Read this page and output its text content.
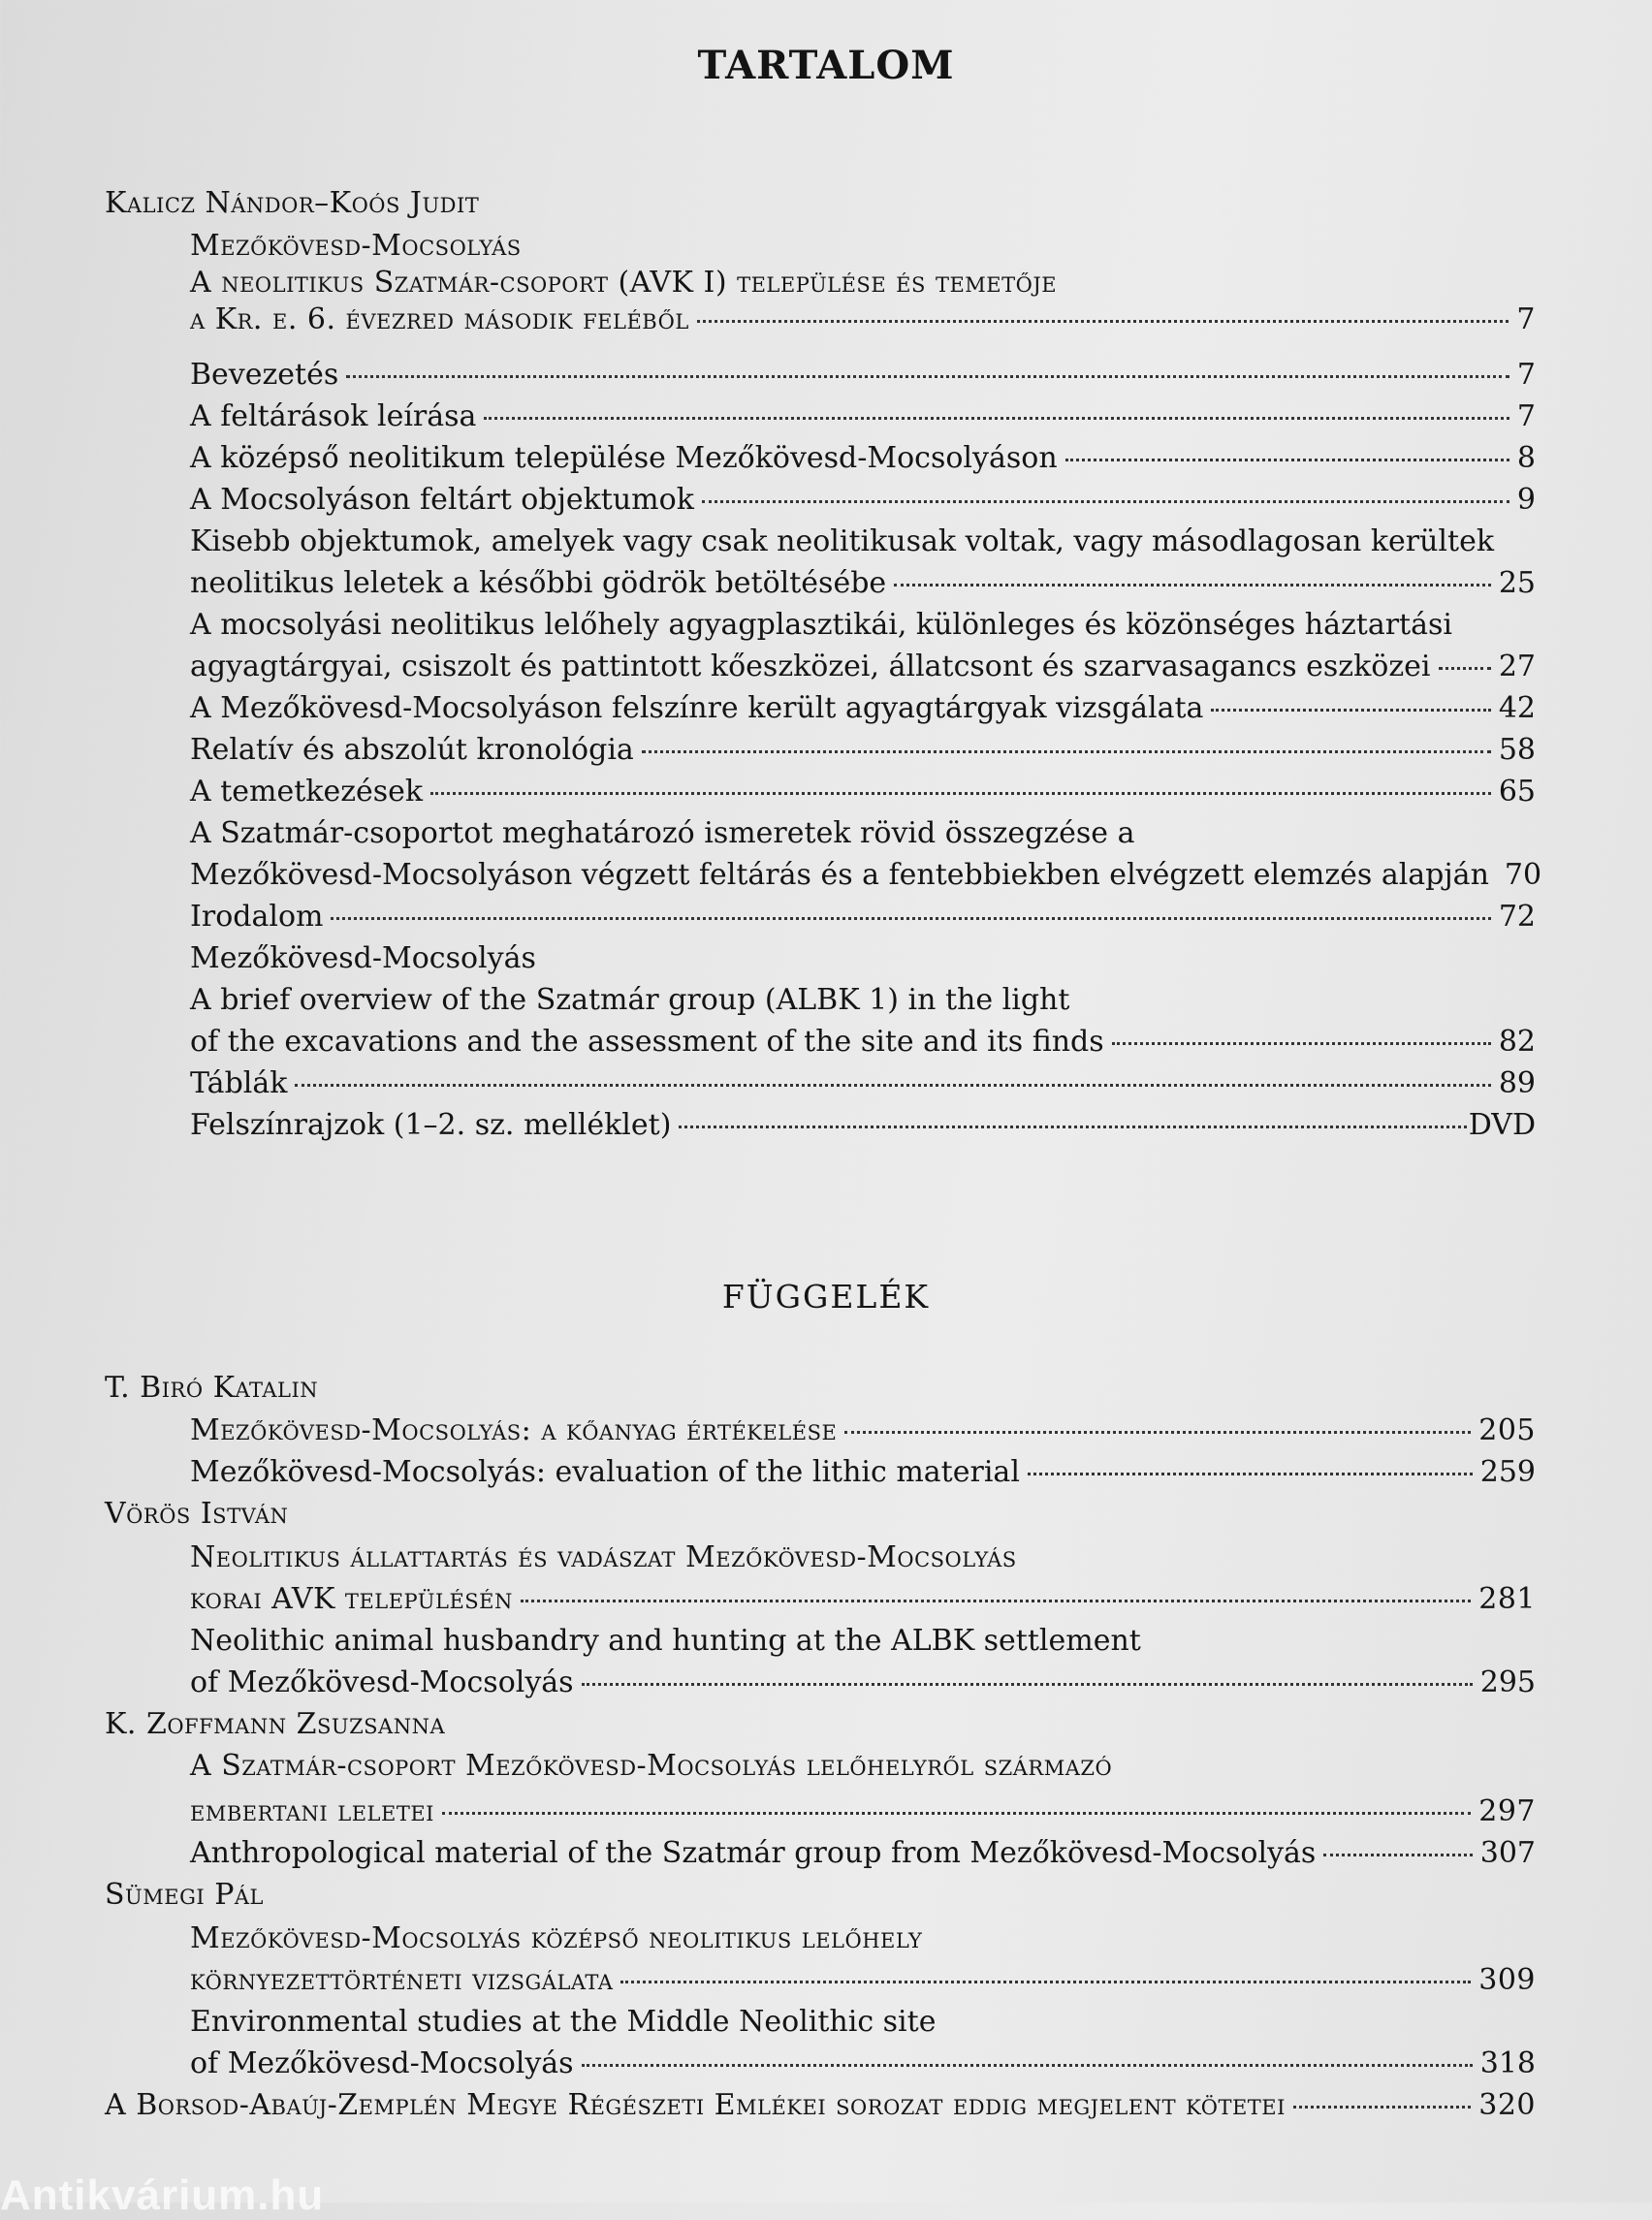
TARTALOM
Kalicz Nándor–Koós Judit
Mezőkövesd-Mocsolyás
A neolitikus Szatmár-csoport (AVK I) települése és temetője
a Kr. e. 6. évezred második feléből	7
Bevezetés	7
A feltárások leírása	7
A középső neolitikum települése Mezőkövesd-Mocsolyáson	8
A Mocsolyáson feltárt objektumok	9
Kisebb objektumok, amelyek vagy csak neolitikusak voltak, vagy másodlagosan kerültek
neolitikus leletek a későbbi gödrök betöltésébe	25
A mocsolyási neolitikus lelőhely agyagplasztikái, különleges és közönséges háztartási
agyagtárgyai, csiszolt és pattintott kőeszközei, állatcsont és szarvasagancs eszközei 27
A Mezőkövesd-Mocsolyáson felszínre került agyagtárgyak vizsgálata	42
Relatív és abszolút kronológia	58
A temetkezések	65
A Szatmár-csoportot meghatározó ismeretek rövid összegzése a
Mezőkövesd-Mocsolyáson végzett feltárás és a fentebbiekben elvégzett elemzés alapján 70
Irodalom	72
Mezőkövesd-Mocsolyás
A brief overview of the Szatmár group (ALBK 1) in the light
of the excavations and the assessment of the site and its finds	82
Táblák	89
Felszínrajzok (1–2. sz. melléklet)	DVD
FÜGGELÉK
T. Biró Katalin
Mezőkövesd-Mocsolyás: a kőanyag értékelése	205
Mezőkövesd-Mocsolyás: evaluation of the lithic material	259
Vörös István
Neolitikus állattartás és vadászat Mezőkövesd-Mocsolyás
korai AVK településén	281
Neolithic animal husbandry and hunting at the ALBK settlement
of Mezőkövesd-Mocsolyás	295
K. Zoffmann Zsuzsanna
A Szatmár-csoport Mezőkövesd-Mocsolyás lelőhelyről származó
embertani leletei	297
Anthropological material of the Szatmár group from Mezőkövesd-Mocsolyás	307
Sümegi Pál
Mezőkövesd-Mocsolyás középső neolitikus lelőhely
környezettörténeti vizsgálata	309
Environmental studies at the Middle Neolithic site
of Mezőkövesd-Mocsolyás	318
A Borsod-Abaúj-Zemplén Megye Régészeti Emlékei sorozat eddig megjelent kötetei	320
Antikvárium.hu
